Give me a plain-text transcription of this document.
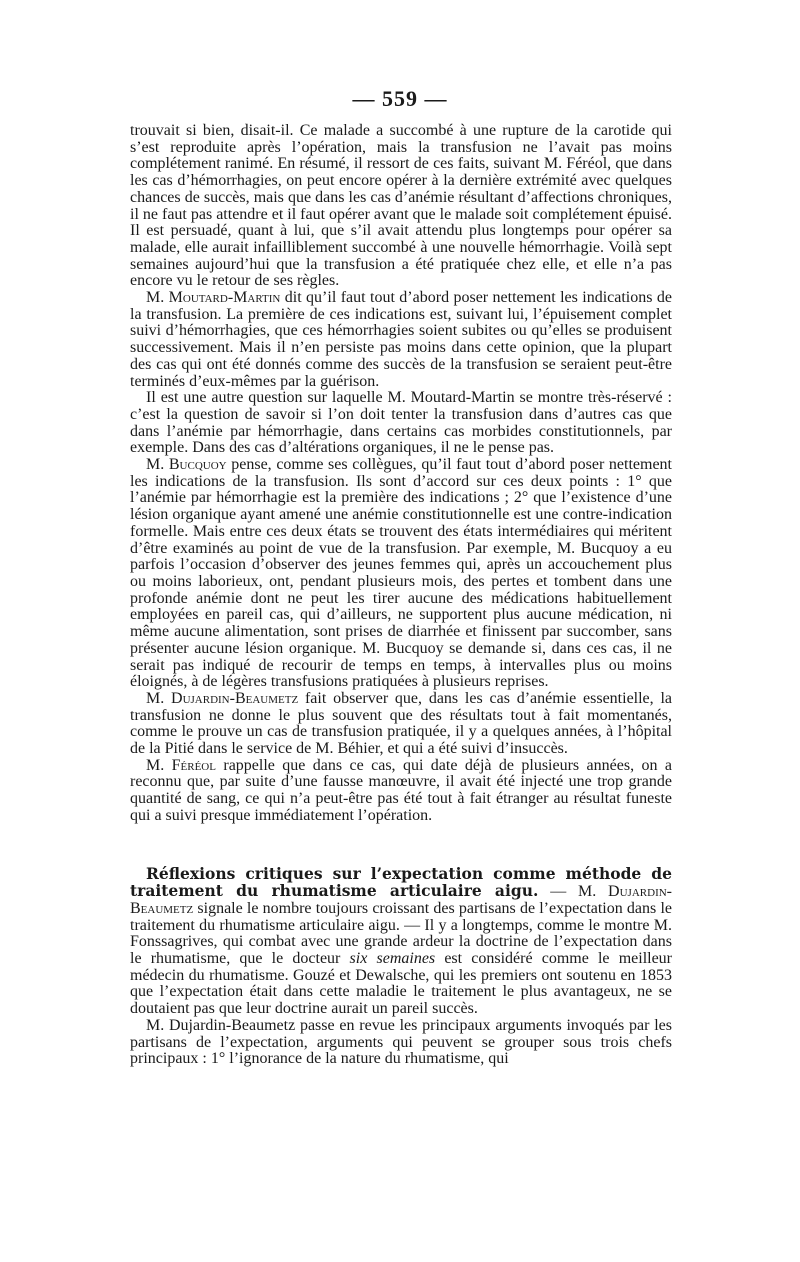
— 559 —

trouvait si bien, disait-il. Ce malade a succombé à une rupture de la carotide qui s’est reproduite après l’opération, mais la transfusion ne l’avait pas moins complétement ranimé. En résumé, il ressort de ces faits, suivant M. Féréol, que dans les cas d’hémorrhagies, on peut encore opérer à la dernière extrémité avec quelques chances de succès, mais que dans les cas d’anémie résultant d’affections chroniques, il ne faut pas attendre et il faut opérer avant que le malade soit complétement épuisé. Il est persuadé, quant à lui, que s’il avait attendu plus longtemps pour opérer sa malade, elle aurait infailliblement succombé à une nouvelle hémorrhagie. Voilà sept semaines aujourd’hui que la transfusion a été pratiquée chez elle, et elle n’a pas encore vu le retour de ses règles.

M. Moutard-Martin dit qu’il faut tout d’abord poser nettement les indications de la transfusion. La première de ces indications est, suivant lui, l’épuisement complet suivi d’hémorrhagies, que ces hémorrhagies soient subites ou qu’elles se produisent successivement. Mais il n’en persiste pas moins dans cette opinion, que la plupart des cas qui ont été donnés comme des succès de la transfusion se seraient peut-être terminés d’eux-mêmes par la guérison.

Il est une autre question sur laquelle M. Moutard-Martin se montre très-réservé : c’est la question de savoir si l’on doit tenter la transfusion dans d’autres cas que dans l’anémie par hémorrhagie, dans certains cas morbides constitutionnels, par exemple. Dans des cas d’altérations organiques, il ne le pense pas.

M. Bucquoy pense, comme ses collègues, qu’il faut tout d’abord poser nettement les indications de la transfusion. Ils sont d’accord sur ces deux points : 1° que l’anémie par hémorrhagie est la première des indications ; 2° que l’existence d’une lésion organique ayant amené une anémie constitutionnelle est une contre-indication formelle. Mais entre ces deux états se trouvent des états intermédiaires qui méritent d’être examinés au point de vue de la transfusion. Par exemple, M. Bucquoy a eu parfois l’occasion d’observer des jeunes femmes qui, après un accouchement plus ou moins laborieux, ont, pendant plusieurs mois, des pertes et tombent dans une profonde anémie dont ne peut les tirer aucune des médications habituellement employées en pareil cas, qui d’ailleurs, ne supportent plus aucune médication, ni même aucune alimentation, sont prises de diarrhée et finissent par succomber, sans présenter aucune lésion organique. M. Bucquoy se demande si, dans ces cas, il ne serait pas indiqué de recourir de temps en temps, à intervalles plus ou moins éloignés, à de légères transfusions pratiquées à plusieurs reprises.

M. Dujardin-Beaumetz fait observer que, dans les cas d’anémie essentielle, la transfusion ne donne le plus souvent que des résultats tout à fait momentanés, comme le prouve un cas de transfusion pratiquée, il y a quelques années, à l’hôpital de la Pitié dans le service de M. Béhier, et qui a été suivi d’insuccès.

M. Féréol rappelle que dans ce cas, qui date déjà de plusieurs années, on a reconnu que, par suite d’une fausse manœuvre, il avait été injecté une trop grande quantité de sang, ce qui n’a peut-être pas été tout à fait étranger au résultat funeste qui a suivi presque immédiatement l’opération.

Réflexions critiques sur l’expectation comme méthode de traitement du rhumatisme articulaire aigu. — M. Dujardin-Beaumetz signale le nombre toujours croissant des partisans de l’expectation dans le traitement du rhumatisme articulaire aigu. — Il y a longtemps, comme le montre M. Fonssagrives, qui combat avec une grande ardeur la doctrine de l’expectation dans le rhumatisme, que le docteur six semaines est considéré comme le meilleur médecin du rhumatisme. Gouzé et Dewalsche, qui les premiers ont soutenu en 1853 que l’expectation était dans cette maladie le traitement le plus avantageux, ne se doutaient pas que leur doctrine aurait un pareil succès.

M. Dujardin-Beaumetz passe en revue les principaux arguments invoqués par les partisans de l’expectation, arguments qui peuvent se grouper sous trois chefs principaux : 1° l’ignorance de la nature du rhumatisme, qui
